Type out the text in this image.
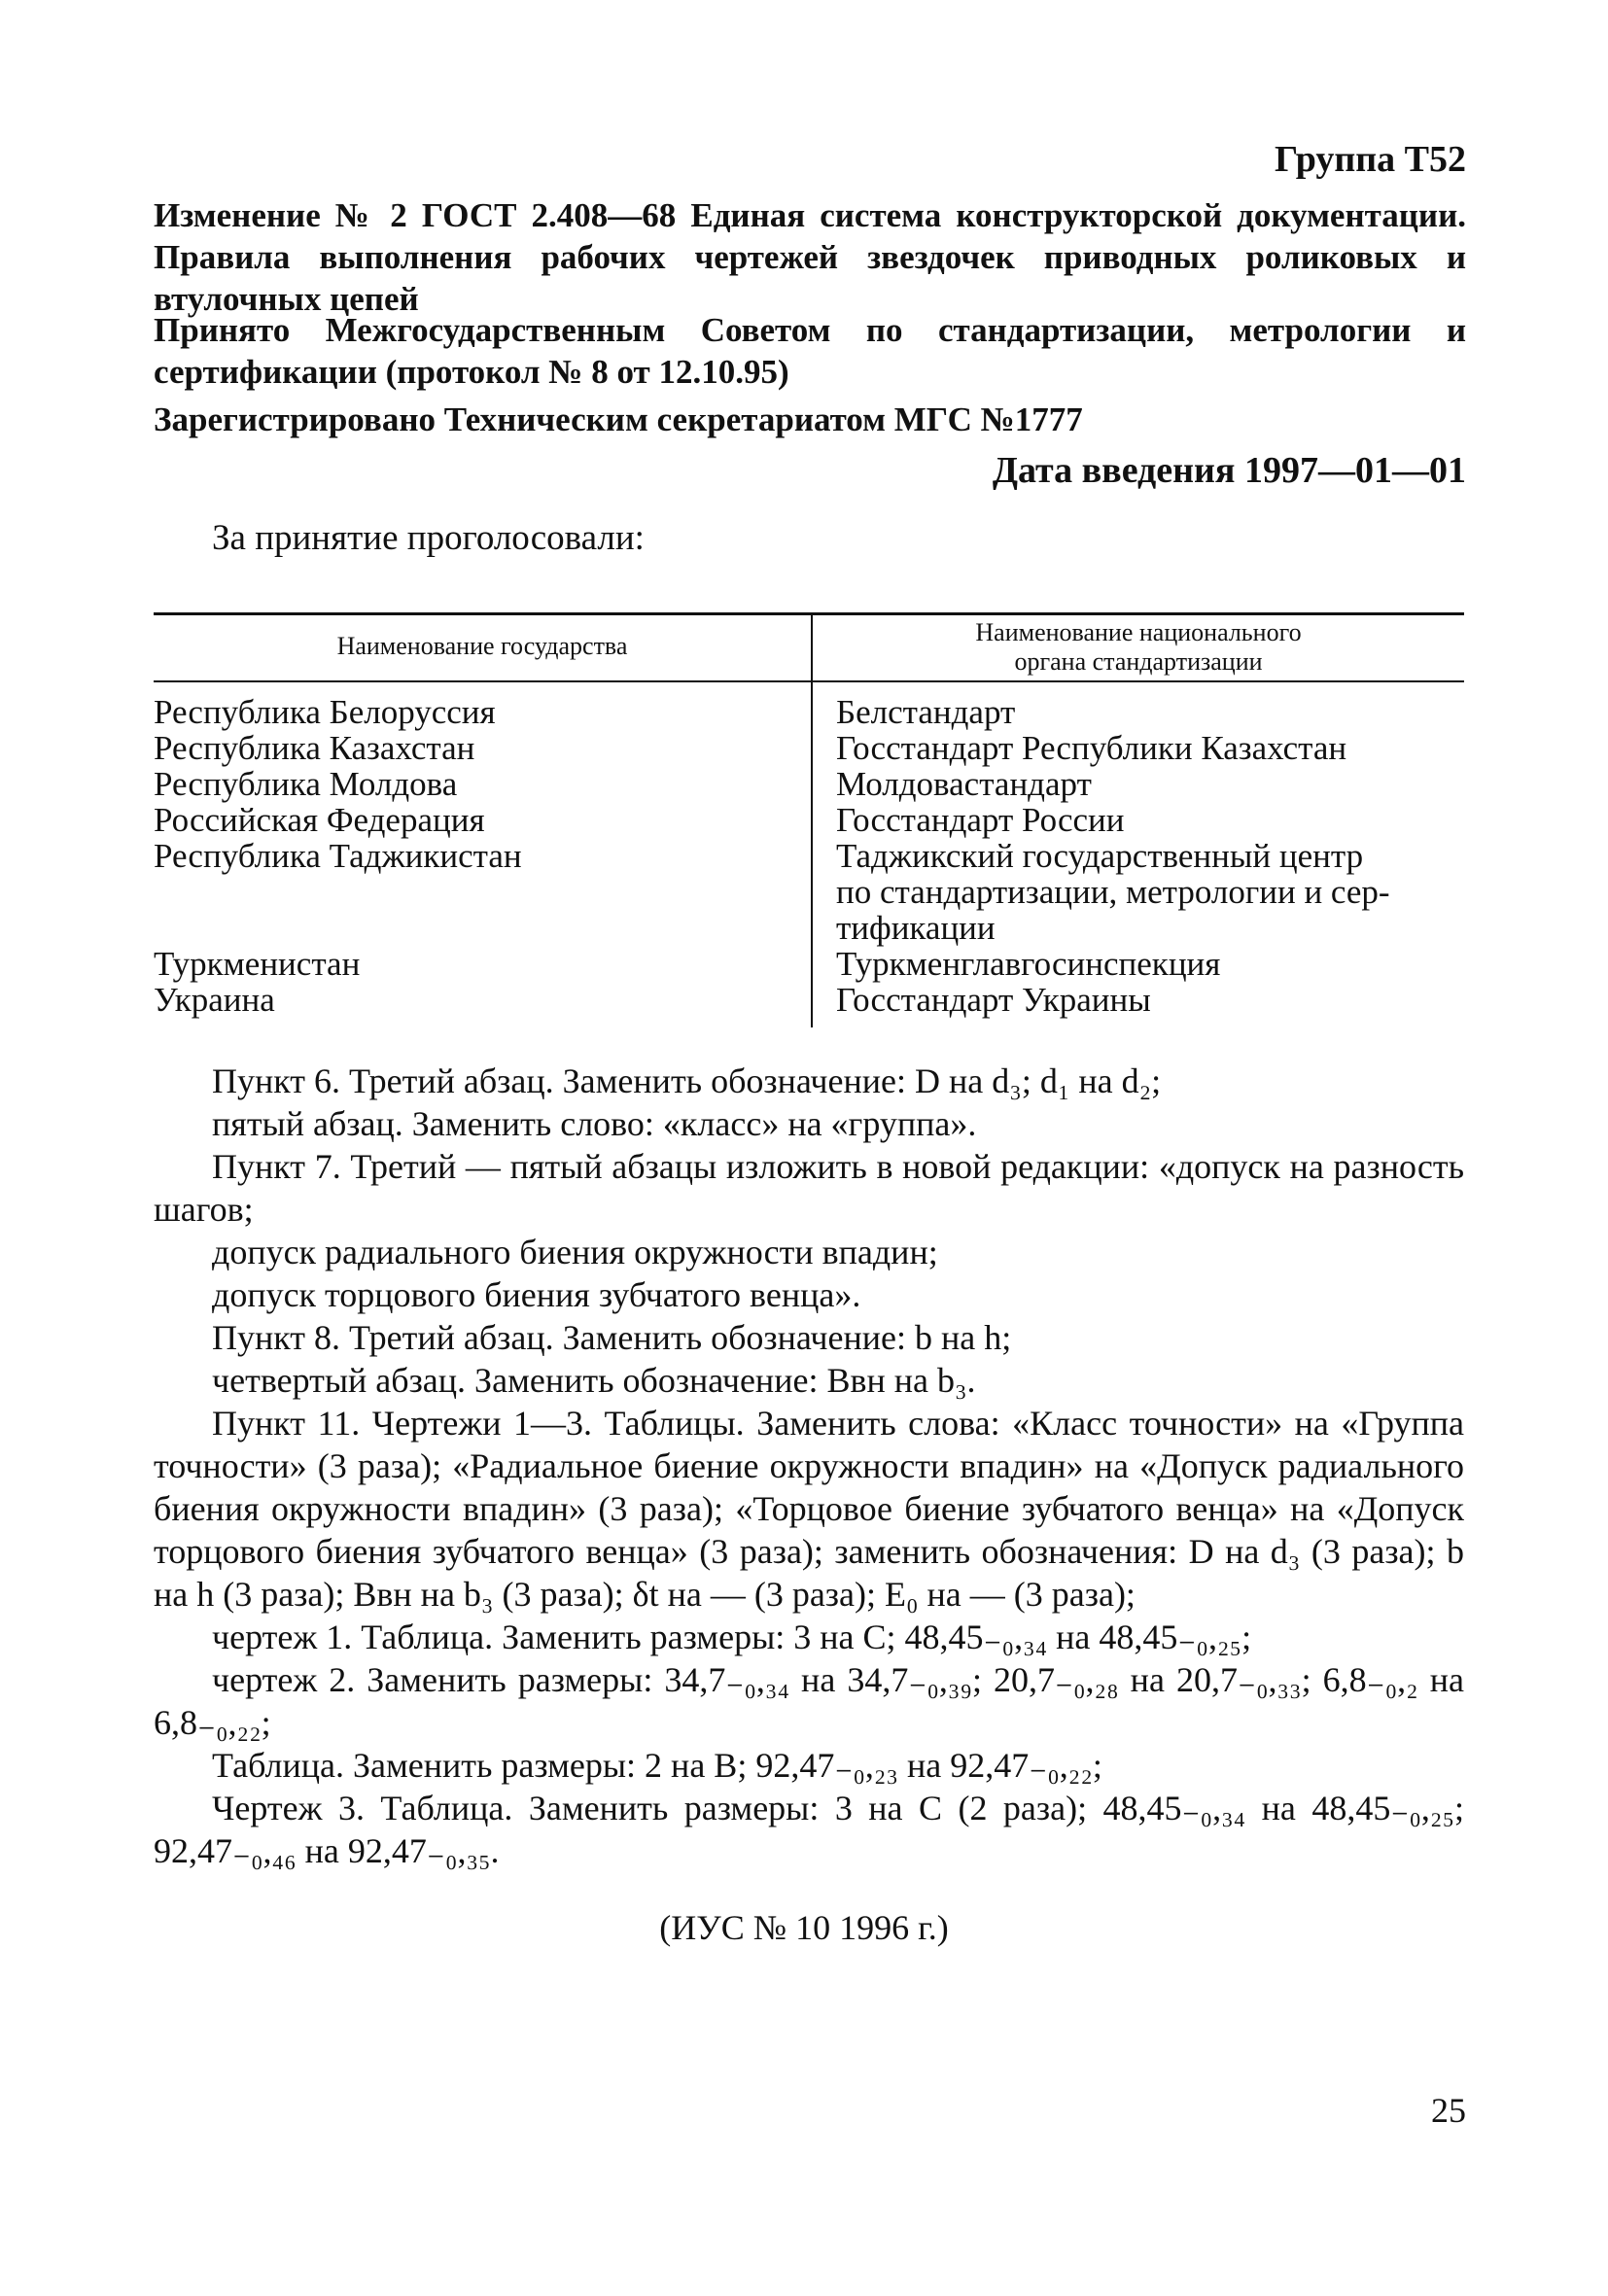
Группа Т52
Изменение № 2 ГОСТ 2.408—68 Единая система конструкторской документации. Правила выполнения рабочих чертежей звездочек приводных роликовых и втулочных цепей
Принято Межгосударственным Советом по стандартизации, метрологии и сертификации (протокол № 8 от 12.10.95)
Зарегистрировано Техническим секретариатом МГС №1777
Дата введения 1997—01—01
За принятие проголосовали:
Наименование государства	Наименование национального
органа стандартизации
Республика Белоруссия
Республика Казахстан
Республика Молдова
Российская Федерация
Республика Таджикистан
Туркменистан
Украина
Белстандарт
Госстандарт Республики Казахстан
Молдовастандарт
Госстандарт России
Таджикский государственный центр
по стандартизации, метрологии и сер-
тификации
Туркменглавгосинспекция
Госстандарт Украины

Пункт 6. Третий абзац. Заменить обозначение: D на d₃; d₁ на d₂;

пятый абзац. Заменить слово: «класс» на «группа».

Пункт 7. Третий — пятый абзацы изложить в новой редакции: «допуск на разность шагов;

допуск радиального биения окружности впадин;

допуск торцового биения зубчатого венца».

Пункт 8. Третий абзац. Заменить обозначение: b на h;

четвертый абзац. Заменить обозначение: Bвн на b₃.

Пункт 11. Чертежи 1—3. Таблицы. Заменить слова: «Класс точности» на «Группа точности» (3 раза); «Радиальное биение окружности впадин» на «Допуск радиального биения окружности впадин» (3 раза); «Торцовое биение зубчатого венца» на «Допуск торцового биения зубчатого венца» (3 раза); заменить обозначения: D на d₃ (3 раза); b на h (3 раза); Bвн на b₃ (3 раза); δt на — (3 раза); E₀ на — (3 раза);

чертеж 1. Таблица. Заменить размеры: 3 на C; 48,45₋₀,₃₄ на 48,45₋₀,₂₅;

чертеж 2. Заменить размеры: 34,7₋₀,₃₄ на 34,7₋₀,₃₉; 20,7₋₀,₂₈ на 20,7₋₀,₃₃; 6,8₋₀,₂ на 6,8₋₀,₂₂;

Таблица. Заменить размеры: 2 на B; 92,47₋₀,₂₃ на 92,47₋₀,₂₂;

Чертеж 3. Таблица. Заменить размеры: 3 на C (2 раза); 48,45₋₀,₃₄ на 48,45₋₀,₂₅; 92,47₋₀,₄₆ на 92,47₋₀,₃₅.

(ИУС № 10 1996 г.)
25
